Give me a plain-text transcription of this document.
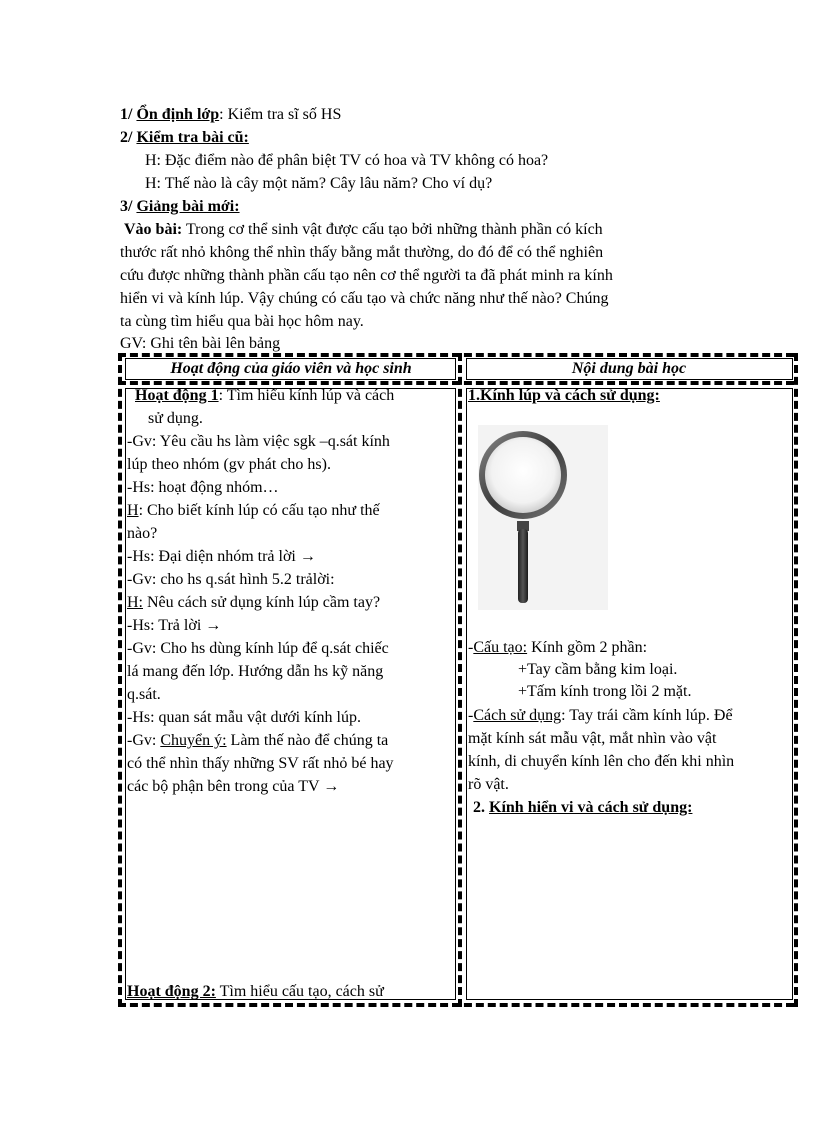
1/ Ổn định lớp: Kiểm tra sĩ số HS
2/ Kiểm tra bài cũ:
H: Đặc điểm nào để phân biệt TV có hoa và TV không có hoa?
H: Thế nào là cây một năm? Cây lâu năm? Cho ví dụ?
3/ Giảng bài mới:
Vào bài: Trong cơ thể sinh vật được cấu tạo bởi những thành phần có kích
thước rất nhỏ không thể nhìn thấy bằng mắt thường, do đó để có thể nghiên
cứu được những thành phần cấu tạo nên cơ thể người ta đã phát minh ra kính
hiển vi và kính lúp. Vậy chúng có cấu tạo và chức năng như thế nào? Chúng
ta cùng tìm hiểu qua bài học hôm nay.
GV: Ghi tên bài lên bảng
Hoạt động của giáo viên và học sinh	Nội dung bài học
Hoạt động 1: Tìm hiểu kính lúp và cách
sử dụng.
-Gv: Yêu cầu hs làm việc sgk –q.sát kính
lúp theo nhóm (gv phát cho hs).
-Hs: hoạt động nhóm…
H: Cho biết kính lúp có cấu tạo như thế
nào?
-Hs: Đại diện nhóm trả lời →
-Gv: cho hs q.sát hình 5.2 trảlời:
H: Nêu cách sử dụng kính lúp cầm tay?
-Hs: Trả lời →
-Gv: Cho hs dùng kính lúp để q.sát chiếc
lá mang đến lớp. Hướng dẫn hs kỹ năng
q.sát.
-Hs: quan sát mẫu vật dưới kính lúp.
-Gv: Chuyển ý: Làm thế nào để chúng ta
có thể nhìn thấy những SV rất nhỏ bé hay
các bộ phận bên trong của TV →
Hoạt động 2: Tìm hiểu cấu tạo, cách sử
1.Kính lúp và cách sử dụng:
-Cấu tạo: Kính gồm 2 phần:
+Tay cầm bằng kim loại.
+Tấm kính trong lồi 2 mặt.
-Cách sử dụng: Tay trái cầm kính lúp. Để
mặt kính sát mẫu vật, mắt nhìn vào vật
kính, di chuyển kính lên cho đến khi nhìn
rõ vật.
2. Kính hiển vi và cách sử dụng:
